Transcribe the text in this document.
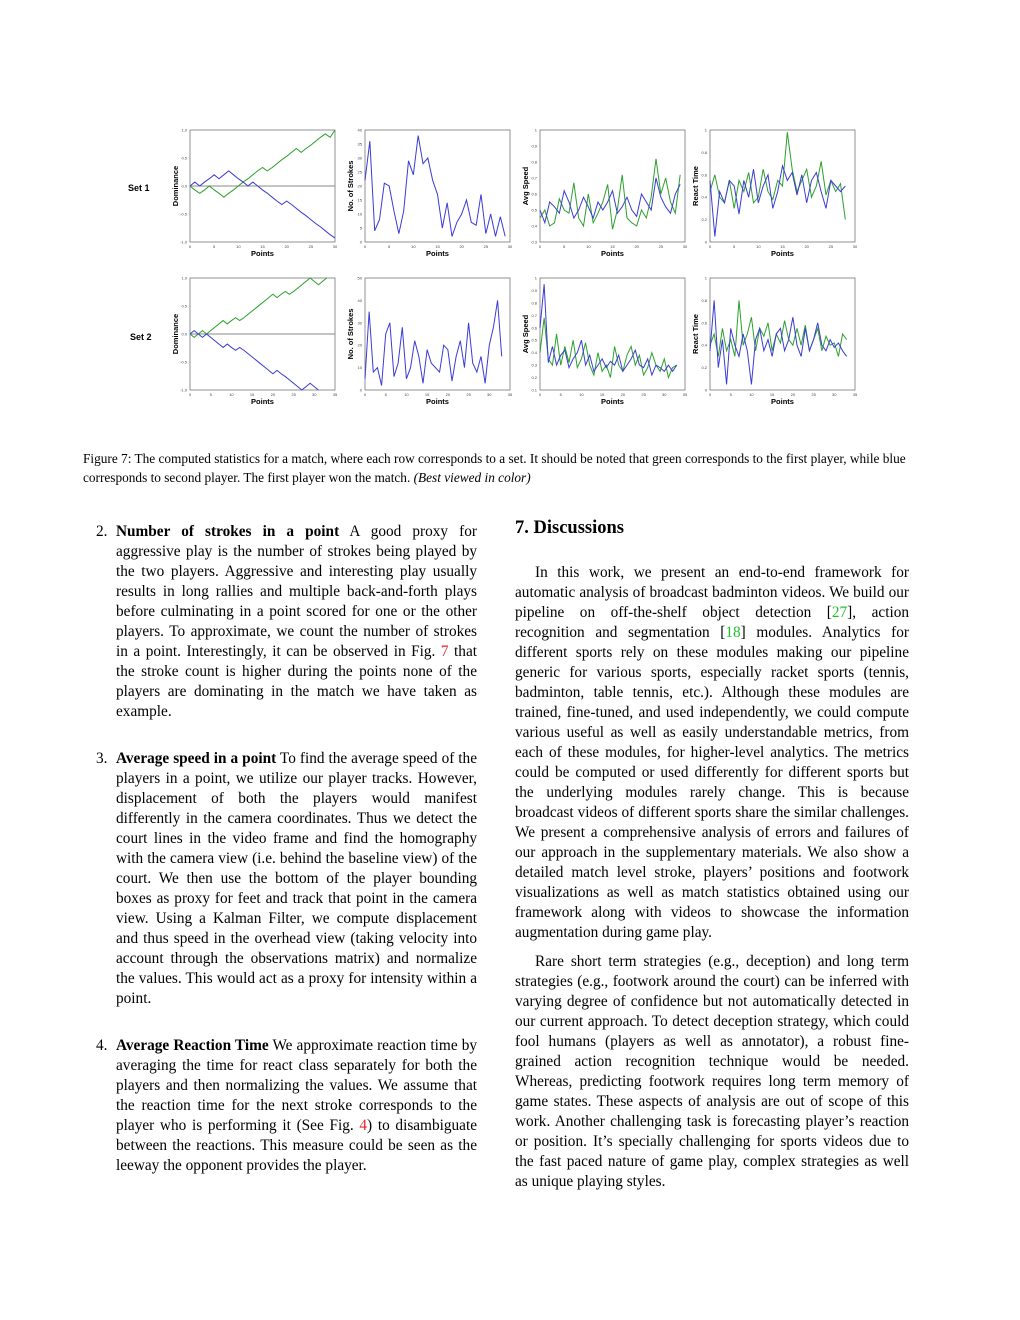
Set 1
Set 2
0	5	10	15	20	25	30
1.0
0.5
0.0
-0.5
-1.0
Points
Dominance
0	5	10	15	20	25	30
0
5
10
15
20
25
30
35
40
Points
No. of Strokes
0	5	10	15	20	25	30
0.3
0.4
0.5
0.6
0.7
0.8
0.9
1
Points
Avg Speed
0	5	10	15	20	25	30
0
0.2
0.4
0.6
0.8
1
Points
React Time
0	5	10	15	20	25	30	35
1.0
0.5
0.0
-0.5
-1.0
Points
Dominance
0	5	10	15	20	25	30	35
0
10
20
30
40
50
Points
No. of Strokes
0	5	10	15	20	25	30	35
0.1
0.2
0.3
0.4
0.5
0.6
0.7
0.8
0.9
1
Points
Avg Speed
0	5	10	15	20	25	30	35
0
0.2
0.4
0.6
0.8
1
Points
React Time
Figure 7: The computed statistics for a match, where each row corresponds to a set. It should be noted that green corresponds to the first player, while blue corresponds to second player. The first player won the match. (Best viewed in color)
2. Number of strokes in a point A good proxy for aggressive play is the number of strokes being played by the two players. Aggressive and interesting play usually results in long rallies and multiple back-and-forth plays before culminating in a point scored for one or the other players. To approximate, we count the number of strokes in a point. Interestingly, it can be observed in Fig. 7 that the stroke count is higher during the points none of the players are dominating in the match we have taken as example.

3. Average speed in a point To find the average speed of the players in a point, we utilize our player tracks. However, displacement of both the players would manifest differently in the camera coordinates. Thus we detect the court lines in the video frame and find the homography with the camera view (i.e. behind the baseline view) of the court. We then use the bottom of the player bounding boxes as proxy for feet and track that point in the camera view. Using a Kalman Filter, we compute displacement and thus speed in the overhead view (taking velocity into account through the observations matrix) and normalize the values. This would act as a proxy for intensity within a point.

4. Average Reaction Time We approximate reaction time by averaging the time for react class separately for both the players and then normalizing the values. We assume that the reaction time for the next stroke corresponds to the player who is performing it (See Fig. 4) to disambiguate between the reactions. This measure could be seen as the leeway the opponent provides the player.

7. Discussions

In this work, we present an end-to-end framework for automatic analysis of broadcast badminton videos. We build our pipeline on off-the-shelf object detection [27], action recognition and segmentation [18] modules. Analytics for different sports rely on these modules making our pipeline generic for various sports, especially racket sports (tennis, badminton, table tennis, etc.). Although these modules are trained, fine-tuned, and used independently, we could compute various useful as well as easily understandable metrics, from each of these modules, for higher-level analytics. The metrics could be computed or used differently for different sports but the underlying modules rarely change. This is because broadcast videos of different sports share the similar challenges. We present a comprehensive analysis of errors and failures of our approach in the supplementary materials. We also show a detailed match level stroke, players’ positions and footwork visualizations as well as match statistics obtained using our framework along with videos to showcase the information augmentation during game play.

Rare short term strategies (e.g., deception) and long term strategies (e.g., footwork around the court) can be inferred with varying degree of confidence but not automatically detected in our current approach. To detect deception strategy, which could fool humans (players as well as annotator), a robust fine-grained action recognition technique would be needed. Whereas, predicting footwork requires long term memory of game states. These aspects of analysis are out of scope of this work. Another challenging task is forecasting player’s reaction or position. It’s specially challenging for sports videos due to the fast paced nature of game play, complex strategies as well as unique playing styles.
